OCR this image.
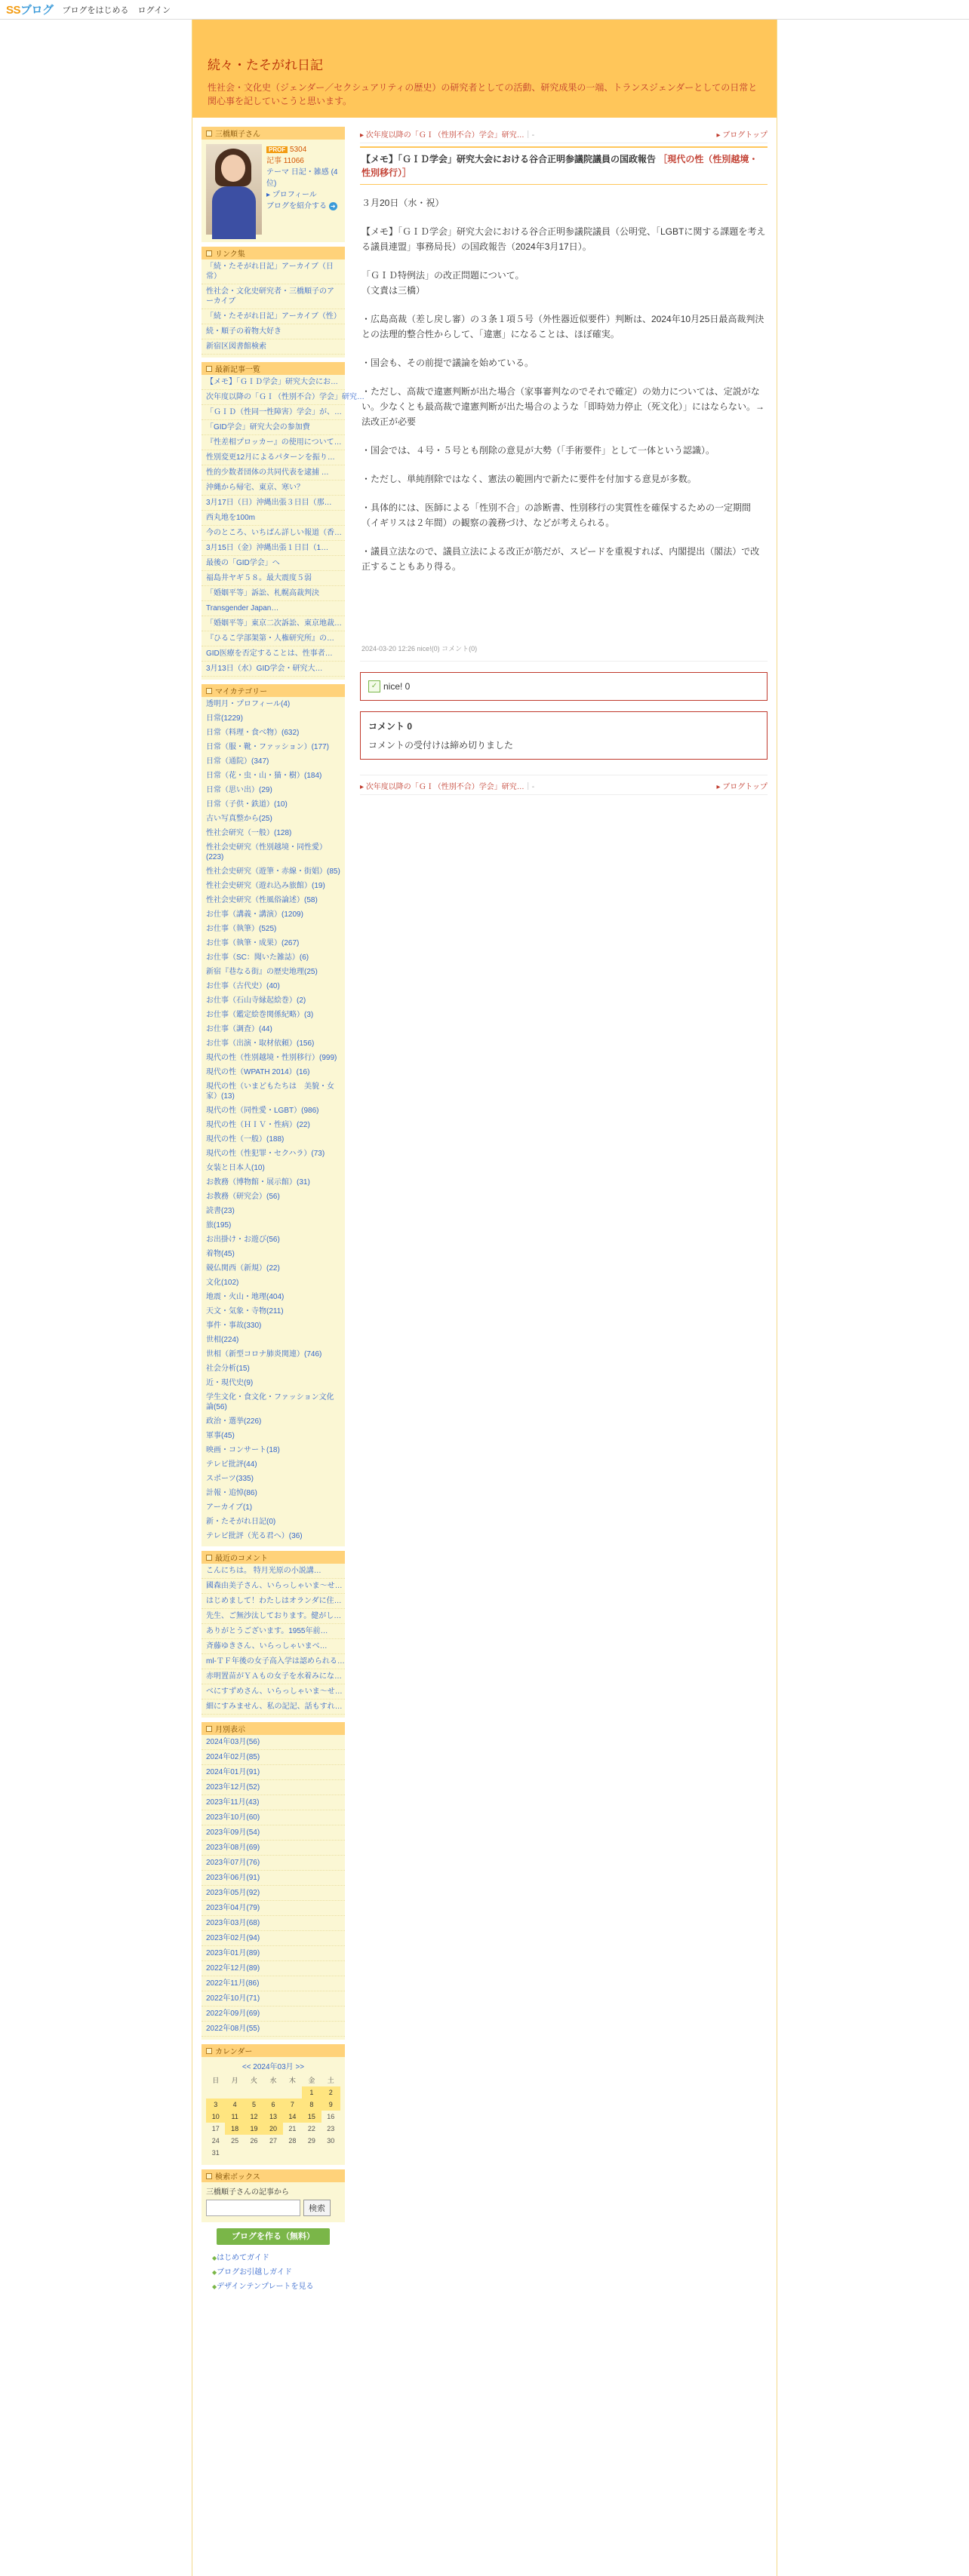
SSブログ ブログをはじめる ログイン
続々・たそがれ日記
性社会・文化史（ジェンダー／セクシュアリティの歴史）の研究者としての活動、研究成果の一端、トランスジェンダーとしての日常と関心事を記していこうと思います。
三橋順子さん
PROF 5304
記事 11066
テーマ 日記・雑感 (4
位)
▸ プロフィール
ブログを紹介する ➜
リンク集
「続・たそがれ日記」アーカイブ（日常）
性社会・文化史研究者・三橋順子のアーカイブ
「続・たそがれ日記」アーカイブ（性）
続・順子の着物大好き
新宿区図書館検索
最新記事一覧
【メモ】「ＧＩＤ学会」研究大会にお…
次年度以降の「ＧＩ（性別不合）学会」研究…
「ＧＩＤ（性同一性障害）学会」が、…
「GID学会」研究大会の参加費
『性差相プロッカー』の使用について…
性別変更12月によるパターンを振り…
性的少数者団体の共同代表を逮捕 …
沖縄から帰宅、東京、寒い？
3月17日（日）沖縄出張３日目（那…
西丸地を100m
今のところ、いちばん詳しい報道（香…
3月15日（金）沖縄出張１日目（1…
最後の「GID学会」へ
福島井ヤギ５８。最大震度５弱
「婚姻平等」訴訟、札幌高裁判決
Transgender Japan…
「婚姻平等」東京二次訴訟、東京地裁…
『ひるこ学部架第・人権研究所』の…
GID医療を否定することは、性事者…
3月13日（水）GID学会・研究大…
マイカテゴリー
透明月・プロフィール(4)
日常(1229)
日常（料理・食べ物）(632)
日常（服・靴・ファッション）(177)
日常（通院）(347)
日常（花・虫・山・猫・樹）(184)
日常（思い出）(29)
日常（子供・鉄道）(10)
古い写真整から(25)
性社会研究（一般）(128)
性社会史研究（性別越境・同性愛）(223)
性社会史研究（遊筆・赤線・街娼）(85)
性社会史研究（遊れ込み旅館）(19)
性社会史研究（性風俗論述）(58)
お仕事（講義・講演）(1209)
お仕事（執筆）(525)
お仕事（執筆・成果）(267)
お仕事（SC：聞いた雑誌）(6)
新宿『巷なる街』の歴史地理(25)
お仕事（古代史）(40)
お仕事（石山寺縁起絵巻）(2)
お仕事（鑑定絵巻関係紀略）(3)
お仕事（調査）(44)
お仕事（出演・取材依頼）(156)
現代の性（性別越境・性別移行）(999)
現代の性（WPATH 2014）(16)
現代の性（いまどもたちは　美貌・女家）(13)
現代の性（同性愛・LGBT）(986)
現代の性（ＨＩＶ・性病）(22)
現代の性（一般）(188)
現代の性（性犯罪・セクハラ）(73)
女装と日本人(10)
お教務（博物館・展示館）(31)
お教務（研究会）(56)
読書(23)
旅(195)
お出掛け・お遊び(56)
着物(45)
競仏関西（新規）(22)
文化(102)
地震・火山・地理(404)
天文・気象・寺物(211)
事件・事故(330)
世相(224)
世相（新型コロナ肺炎関連）(746)
社会分析(15)
近・現代史(9)
学生文化・食文化・ファッション文化論(56)
政治・選挙(226)
軍事(45)
映画・コンサート(18)
テレビ批評(44)
スポーツ(335)
計報・追悼(86)
アーカイブ(1)
新・たそがれ日記(0)
テレビ批評（光る君へ）(36)
最近のコメント
こんにちは。 特月光原の小説講…
國森由美子さん、いらっしゃいま〜せ…
はじめまして！わたしはオランダに住…
先生、ご無沙汰しております。健がし…
ありがとうございます。1955年前…
斉藤ゆきさん、いらっしゃいまべ…
ml-ＴＦ年後の女子高入学は認められる…
赤明置苗がＹＡもの女子を水着みにな…
べにすずめさん、いらっしゃいま〜せ…
細にすみません、私の記記、話もすれ…
月別表示
2024年03月(56)
2024年02月(85)
2024年01月(91)
2023年12月(52)
2023年11月(43)
2023年10月(60)
2023年09月(54)
2023年08月(69)
2023年07月(76)
2023年06月(91)
2023年05月(92)
2023年04月(79)
2023年03月(68)
2023年02月(94)
2023年01月(89)
2022年12月(89)
2022年11月(86)
2022年10月(71)
2022年09月(69)
2022年08月(55)
カレンダー
<< 2024年03月 >>
日	月	火	水	木	金	土
					1	2
3	4	5	6	7	8	9
10	11	12	13	14	15	16
17	18	19	20	21	22	23
24	25	26	27	28	29	30
31						
検索ボックス
三橋順子さんの記事から
検索
ブログを作る（無料）
◆ はじめてガイド
◆ ブログお引越しガイド
◆ デザインテンプレートを見る
▸ 次年度以降の「ＧＩ（性別不合）学会」研究…｜-	▸ ブログトップ
【メモ】「ＧＩＤ学会」研究大会における谷合正明参議院議員の国政報告 ［現代の性（性別越境・性別移行）］

３月20日（水・祝）

【メモ】「ＧＩＤ学会」研究大会における谷合正明参議院議員（公明党、「LGBTに関する課題を考える議員連盟」事務局長）の国政報告（2024年3月17日）。

「ＧＩＤ特例法」の改正問題について。
（文責は三橋）

・広島高裁（差し戻し審）の３条１項５号（外性器近似要件）判断は、2024年10月25日最高裁判決との法理的整合性からして、「違憲」になることは、ほぼ確実。

・国会も、その前提で議論を始めている。

・ただし、高裁で違憲判断が出た場合（家事審判なのでそれで確定）の効力については、定説がない。少なくとも最高裁で違憲判断が出た場合のような「即時効力停止（死文化）」にはならない。→ 法改正が必要

・国会では、４号・５号とも削除の意見が大勢（「手術要件」として一体という認識）。

・ただし、単純削除ではなく、憲法の範囲内で新たに要件を付加する意見が多数。

・具体的には、医師による「性別不合」の診断書、性別移行の実質性を確保するための一定期間（イギリスは２年間）の観察の義務づけ、などが考えられる。

・議員立法なので、議員立法による改正が筋だが、スピードを重視すれば、内閣提出（閣法）で改正することもあり得る。

2024-03-20 12:26 nice!(0) コメント(0)
✓ nice! 0
コメント 0
コメントの受付けは締め切りました
▸ 次年度以降の「ＧＩ（性別不合）学会」研究…｜-	▸ ブログトップ
